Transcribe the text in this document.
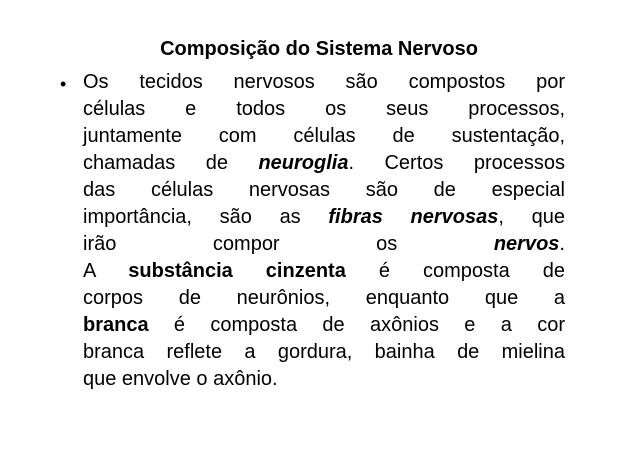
Composição do Sistema Nervoso
• Os tecidos nervosos são compostos por
células e todos os seus processos,
juntamente com células de sustentação,
chamadas de neuroglia. Certos processos
das células nervosas são de especial
importância, são as fibras nervosas, que
irão	compor	os	nervos.
A substância cinzenta é composta de
corpos de neurônios, enquanto que a
branca é composta de axônios e a cor
branca reflete a gordura, bainha de mielina
que envolve o axônio.
